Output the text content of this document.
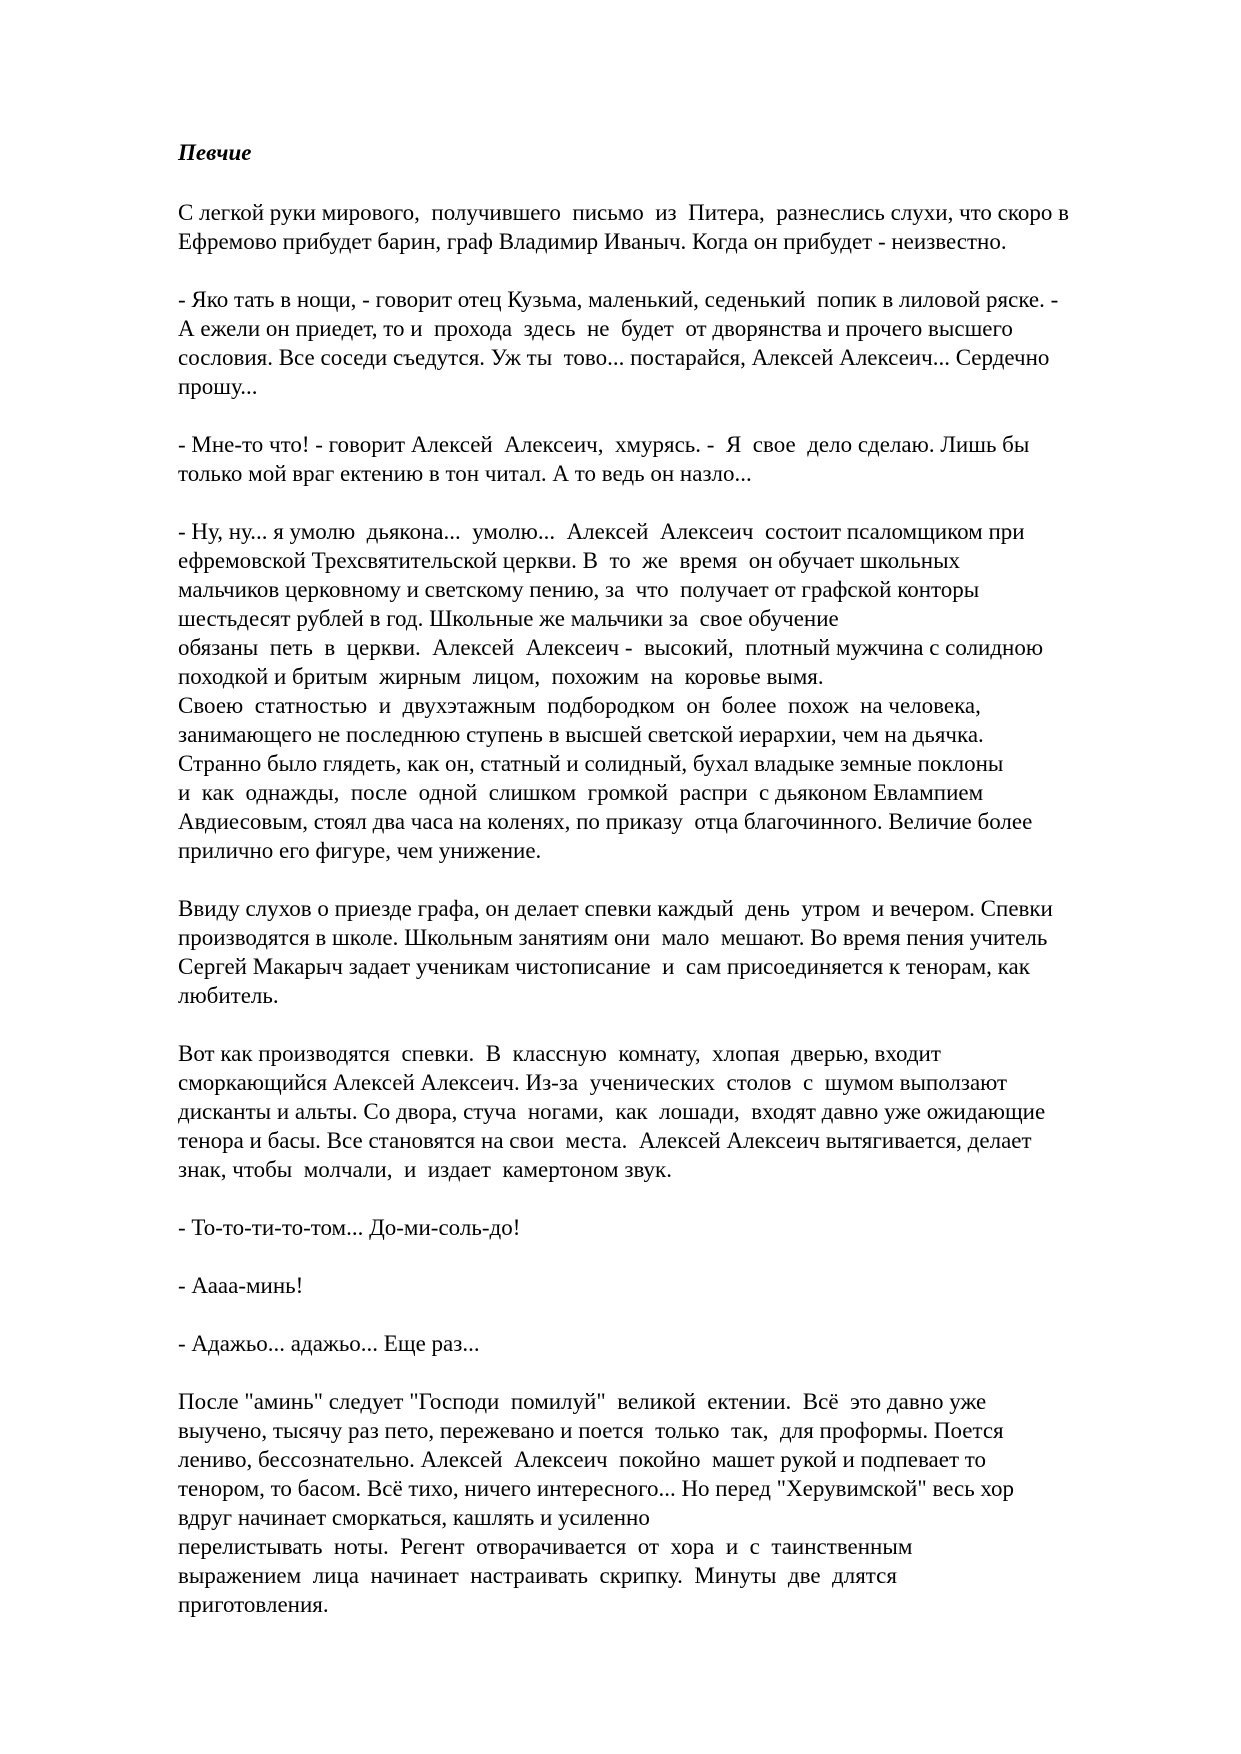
Певчие
С легкой руки мирового,  получившего  письмо  из  Питера,  разнеслись слухи, что скоро в
Ефремово прибудет барин, граф Владимир Иваныч. Когда он прибудет - неизвестно.
- Яко тать в нощи, - говорит отец Кузьма, маленький, седенький  попик в лиловой ряске. -
А ежели он приедет, то и  прохода  здесь  не  будет  от дворянства и прочего высшего
сословия. Все соседи съедутся. Уж ты  тово... постарайся, Алексей Алексеич... Сердечно
прошу...
- Мне-то что! - говорит Алексей  Алексеич,  хмурясь. -  Я  свое  дело сделаю. Лишь бы
только мой враг ектению в тон читал. А то ведь он назло...
- Ну, ну... я умолю  дьякона...  умолю...  Алексей  Алексеич  состоит псаломщиком при
ефремовской Трехсвятительской церкви. В  то  же  время  он обучает школьных
мальчиков церковному и светскому пению, за  что  получает от графской конторы
шестьдесят рублей в год. Школьные же мальчики за  свое обучение
обязаны  петь  в  церкви.  Алексей  Алексеич -  высокий,  плотный мужчина с солидною
походкой и бритым  жирным  лицом,  похожим  на  коровье вымя.
Своею  статностью  и  двухэтажным  подбородком  он  более  похож  на человека,
занимающего не последнюю ступень в высшей светской иерархии, чем на дьячка.
Странно было глядеть, как он, статный и солидный, бухал владыке земные поклоны
и  как  однажды,  после  одной  слишком  громкой  распри  с дьяконом Евлампием
Авдиесовым, стоял два часа на коленях, по приказу  отца благочинного. Величие более
прилично его фигуре, чем унижение.
Ввиду слухов о приезде графа, он делает спевки каждый  день  утром  и вечером. Спевки
производятся в школе. Школьным занятиям они  мало  мешают. Во время пения учитель
Сергей Макарыч задает ученикам чистописание  и  сам присоединяется к тенорам, как
любитель.
Вот как производятся  спевки.  В  классную  комнату,  хлопая  дверью, входит
сморкающийся Алексей Алексеич. Из-за  ученических  столов  с  шумом выползают
дисканты и альты. Со двора, стуча  ногами,  как  лошади,  входят давно уже ожидающие
тенора и басы. Все становятся на свои  места.  Алексей Алексеич вытягивается, делает
знак, чтобы  молчали,  и  издает  камертоном звук.
- То-то-ти-то-том... До-ми-соль-до!
- Аааа-минь!
- Адажьо... адажьо... Еще раз...
После "аминь" следует "Господи  помилуй"  великой  ектении.  Всё  это давно уже
выучено, тысячу раз пето, пережевано и поется  только  так,  для проформы. Поется
лениво, бессознательно. Алексей  Алексеич  покойно  машет рукой и подпевает то
тенором, то басом. Всё тихо, ничего интересного... Но перед "Херувимской" весь хор
вдруг начинает сморкаться, кашлять и усиленно
перелистывать  ноты.  Регент  отворачивается  от  хора  и  с  таинственным
выражением  лица  начинает  настраивать  скрипку.  Минуты  две  длятся
приготовления.
